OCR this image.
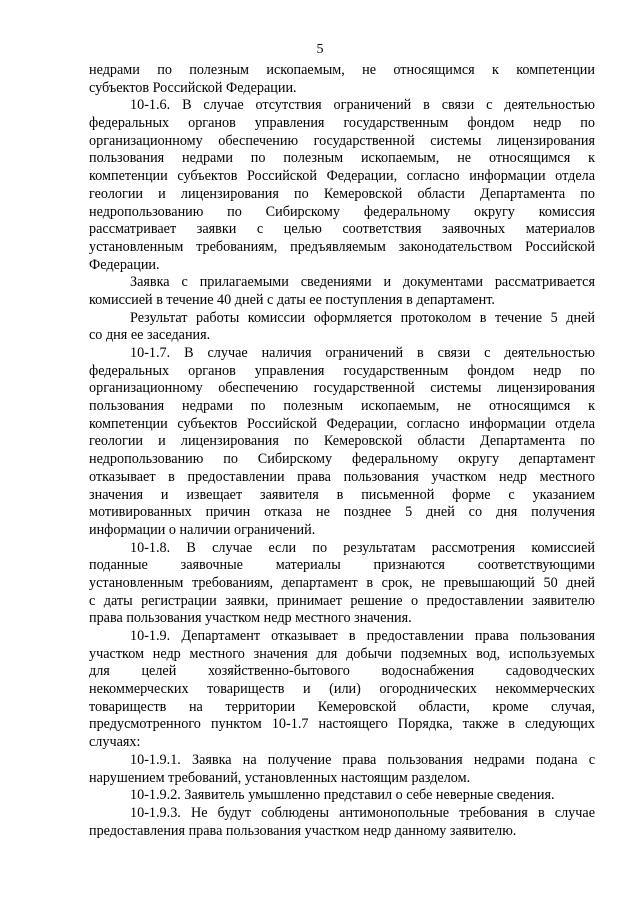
5
недрами по полезным ископаемым, не относящимся к компетенции
субъектов Российской Федерации.
10-1.6. В случае отсутствия ограничений в связи с деятельностью
федеральных органов управления государственным фондом недр по
организационному обеспечению государственной системы лицензирования
пользования недрами по полезным ископаемым, не относящимся к
компетенции субъектов Российской Федерации, согласно информации отдела
геологии и лицензирования по Кемеровской области Департамента по
недропользованию по Сибирскому федеральному округу комиссия
рассматривает заявки с целью соответствия заявочных материалов
установленным требованиям, предъявляемым законодательством Российской
Федерации.
Заявка с прилагаемыми сведениями и документами рассматривается
комиссией в течение 40 дней с даты ее поступления в департамент.
Результат работы комиссии оформляется протоколом в течение 5 дней
со дня ее заседания.
10-1.7. В случае наличия ограничений в связи с деятельностью
федеральных органов управления государственным фондом недр по
организационному обеспечению государственной системы лицензирования
пользования недрами по полезным ископаемым, не относящимся к
компетенции субъектов Российской Федерации, согласно информации отдела
геологии и лицензирования по Кемеровской области Департамента по
недропользованию по Сибирскому федеральному округу департамент
отказывает в предоставлении права пользования участком недр местного
значения и извещает заявителя в письменной форме с указанием
мотивированных причин отказа не позднее 5 дней со дня получения
информации о наличии ограничений.
10-1.8. В случае если по результатам рассмотрения комиссией
поданные заявочные материалы признаются соответствующими
установленным требованиям, департамент в срок, не превышающий 50 дней
с даты регистрации заявки, принимает решение о предоставлении заявителю
права пользования участком недр местного значения.
10-1.9. Департамент отказывает в предоставлении права пользования
участком недр местного значения для добычи подземных вод, используемых
для целей хозяйственно-бытового водоснабжения садоводческих
некоммерческих товариществ и (или) огороднических некоммерческих
товариществ на территории Кемеровской области, кроме случая,
предусмотренного пунктом 10-1.7 настоящего Порядка, также в следующих
случаях:
10-1.9.1. Заявка на получение права пользования недрами подана с
нарушением требований, установленных настоящим разделом.
10-1.9.2. Заявитель умышленно представил о себе неверные сведения.
10-1.9.3. Не будут соблюдены антимонопольные требования в случае
предоставления права пользования участком недр данному заявителю.
